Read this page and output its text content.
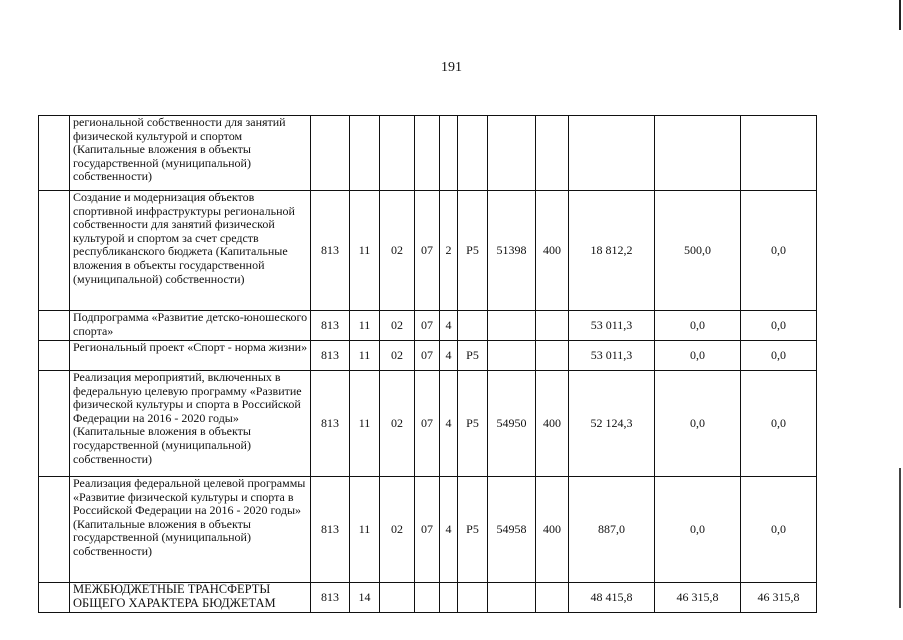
191
	региональной собственности для занятий физической культурой и спортом (Капитальные вложения в объекты государственной (муниципальной) собственности)											
	Создание и модернизация объектов спортивной инфраструктуры региональной собственности для занятий физической культурой и спортом за счет средств республиканского бюджета (Капитальные вложения в объекты государственной (муниципальной) собственности)	813	11	02	07	2	P5	51398	400	18 812,2	500,0	0,0
	Подпрограмма «Развитие детско-юношеского спорта»	813	11	02	07	4				53 011,3	0,0	0,0
	Региональный проект «Спорт - норма жизни»	813	11	02	07	4	P5			53 011,3	0,0	0,0
	Реализация мероприятий, включенных в федеральную целевую программу «Развитие физической культуры и спорта в Российской Федерации на 2016 - 2020 годы» (Капитальные вложения в объекты государственной (муниципальной) собственности)	813	11	02	07	4	P5	54950	400	52 124,3	0,0	0,0
	Реализация федеральной целевой программы «Развитие физической культуры и спорта в Российской Федерации на 2016 - 2020 годы» (Капитальные вложения в объекты государственной (муниципальной) собственности)	813	11	02	07	4	P5	54958	400	887,0	0,0	0,0
	МЕЖБЮДЖЕТНЫЕ ТРАНСФЕРТЫ ОБЩЕГО ХАРАКТЕРА БЮДЖЕТАМ	813	14							48 415,8	46 315,8	46 315,8
